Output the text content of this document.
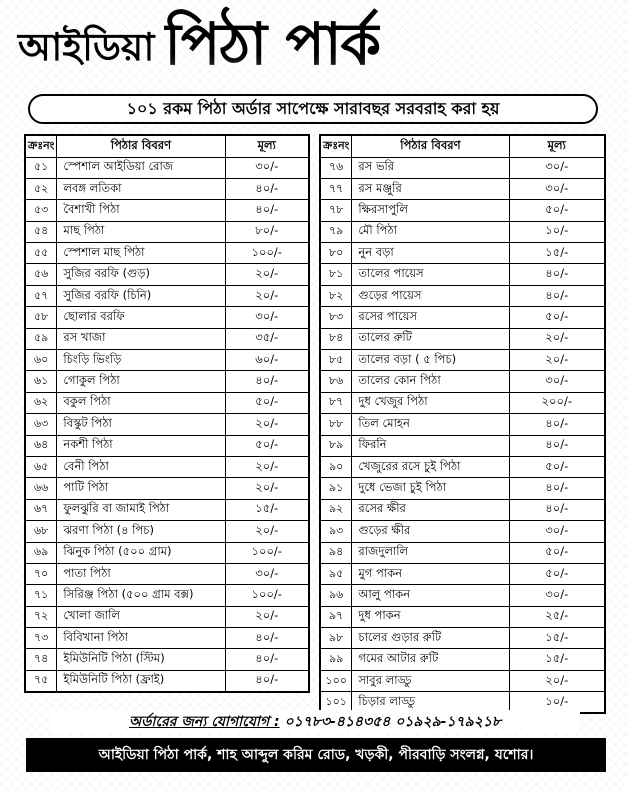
আইডিয়া পিঠা পার্ক
১০১ রকম পিঠা অর্ডার সাপেক্ষে সারাবছর সরবরাহ করা হয়
ক্রঃনং	পিঠার বিবরণ	মূল্য
৫১	স্পেশাল আইডিয়া রোজ	৩০/-
৫২	লবঙ্গ লতিকা	৪০/-
৫৩	বৈশাখী পিঠা	৪০/-
৫৪	মাছ পিঠা	৮০/-
৫৫	স্পেশাল মাছ পিঠা	১০০/-
৫৬	সুজির বরফি (গুড়)	২০/-
৫৭	সুজির বরফি (চিনি)	২০/-
৫৮	ছোলার বরফি	৩০/-
৫৯	রস খাজা	৩৫/-
৬০	চিংড়ি ভিংড়ি	৬০/-
৬১	গোকুল পিঠা	৪০/-
৬২	বকুল পিঠা	৫০/-
৬৩	বিস্কুট পিঠা	২০/-
৬৪	নকশী পিঠা	৫০/-
৬৫	বেনী পিঠা	২০/-
৬৬	পাটি পিঠা	২০/-
৬৭	ফুলঝুরি বা জামাই পিঠা	১৫/-
৬৮	ঝরণা পিঠা (৪ পিচ)	২০/-
৬৯	ঝিনুক পিঠা (৫০০ গ্রাম)	১০০/-
৭০	পাতা পিঠা	৩০/-
৭১	সিরিঞ্জ পিঠা (৫০০ গ্রাম বক্স)	১০০/-
৭২	খোলা জালি	২০/-
৭৩	বিবিখানা পিঠা	৪০/-
৭৪	ইমিউনিটি পিঠা (স্টিম)	৪০/-
৭৫	ইমিউনিটি পিঠা (ফ্রাই)	৪০/-
ক্রঃনং	পিঠার বিবরণ	মূল্য
৭৬	রস ভরি	৩০/-
৭৭	রস মঞ্জুরি	৩০/-
৭৮	ক্ষিরসাপুলি	৫০/-
৭৯	মৌ পিঠা	১০/-
৮০	নুন বড়া	১৫/-
৮১	তালের পায়েস	৪০/-
৮২	গুড়ের পায়েস	৪০/-
৮৩	রসের পায়েস	৫০/-
৮৪	তালের রুটি	২০/-
৮৫	তালের বড়া ( ৫ পিচ)	২০/-
৮৬	তালের কোন পিঠা	৩০/-
৮৭	দুধ খেজুর পিঠা	২০০/-
৮৮	তিল মোহন	৪০/-
৮৯	ফিরনি	৪০/-
৯০	খেজুরের রসে চুই পিঠা	৫০/-
৯১	দুধে ভেজা চুই পিঠা	৪০/-
৯২	রসের ক্ষীর	৪০/-
৯৩	গুড়ের ক্ষীর	৩০/-
৯৪	রাজদুলালি	৫০/-
৯৫	মুগ পাকন	৫০/-
৯৬	আলু পাকন	৩০/-
৯৭	দুধ পাকন	২৫/-
৯৮	চালের গুড়ার রুটি	১৫/-
৯৯	গমের আটার রুটি	১৫/-
১০০	সাবুর লাড্ডু	২০/-
১০১	চিড়ার লাড্ডু	১০/-
অর্ডারের জন্য যোগাযোগ :
০১৭৮৩-৪১৪৩৫৪ ০১৯২৯-১৭৯২১৮
আইডিয়া পিঠা পার্ক, শাহ আব্দুল করিম রোড, খড়কী, পীরবাড়ি সংলগ্ন, যশোর।
